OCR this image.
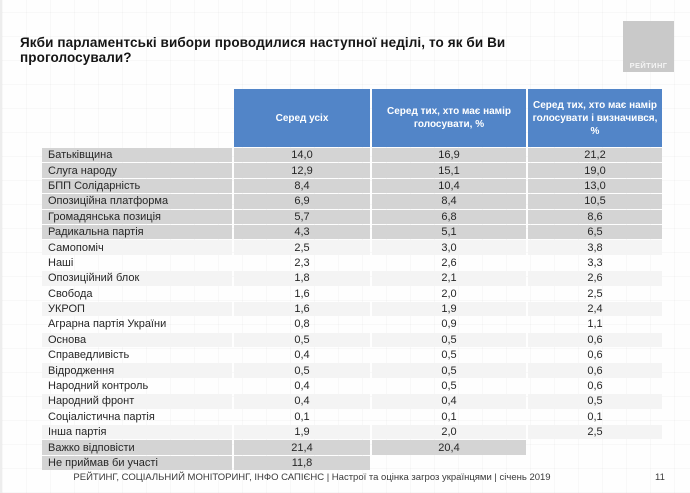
Якби парламентські вибори проводилися наступної неділі, то як би Ви проголосували?
РЕЙТИНГ
	Серед усіх	Серед тих, хто має намір голосувати, %	Серед тих, хто має намір голосувати і визначився, %
Батьківщина	14,0	16,9	21,2
Слуга народу	12,9	15,1	19,0
БПП Солідарність	8,4	10,4	13,0
Опозиційна платформа	6,9	8,4	10,5
Громадянська позиція	5,7	6,8	8,6
Радикальна партія	4,3	5,1	6,5
Самопоміч	2,5	3,0	3,8
Наші	2,3	2,6	3,3
Опозиційний блок	1,8	2,1	2,6
Свобода	1,6	2,0	2,5
УКРОП	1,6	1,9	2,4
Аграрна партія України	0,8	0,9	1,1
Основа	0,5	0,5	0,6
Справедливість	0,4	0,5	0,6
Відродження	0,5	0,5	0,6
Народний контроль	0,4	0,5	0,6
Народний фронт	0,4	0,4	0,5
Соціалістична партія	0,1	0,1	0,1
Інша партія	1,9	2,0	2,5
Важко відповісти	21,4	20,4	
Не приймав би участі	11,8		
РЕЙТИНГ, СОЦІАЛЬНИЙ МОНІТОРИНГ, ІНФО САПІЄНС | Настрої та оцінка загроз українцями | січень 2019	11
